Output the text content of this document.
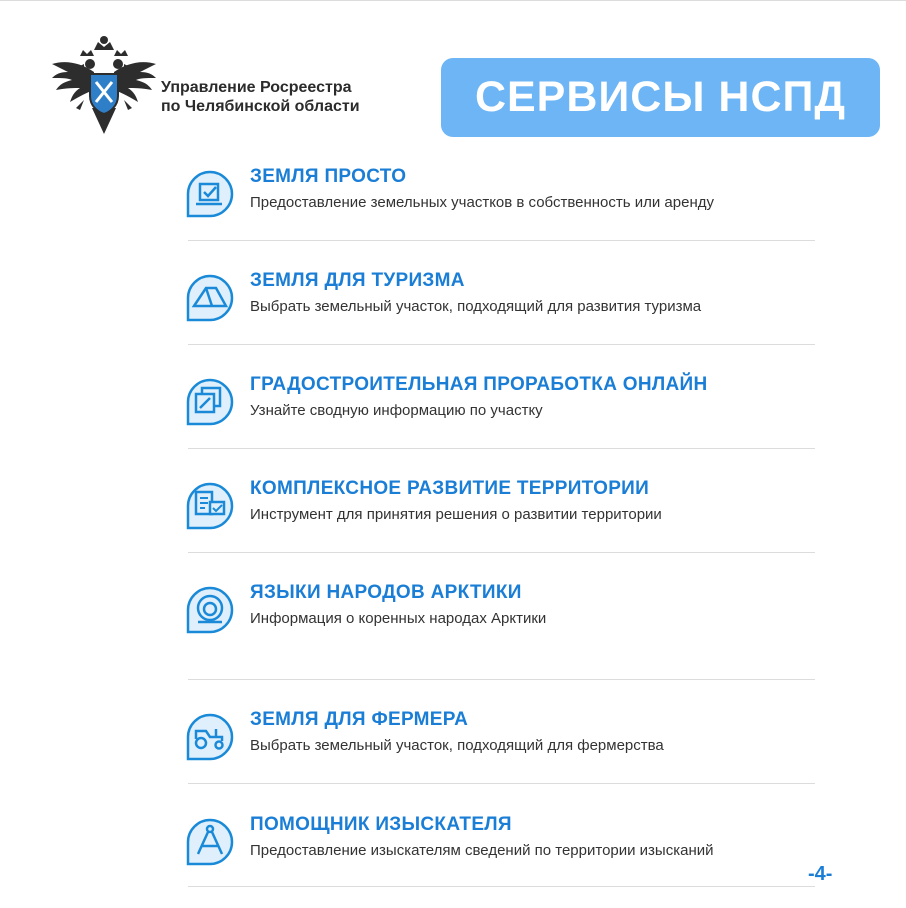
Управление Росреестра
по Челябинской области	СЕРВИСЫ НСПД
ЗЕМЛЯ ПРОСТО
Предоставление земельных участков в собственность или аренду
ЗЕМЛЯ ДЛЯ ТУРИЗМА
Выбрать земельный участок, подходящий для развития туризма
ГРАДОСТРОИТЕЛЬНАЯ ПРОРАБОТКА ОНЛАЙН
Узнайте сводную информацию по участку
КОМПЛЕКСНОЕ РАЗВИТИЕ ТЕРРИТОРИИ
Инструмент для принятия решения о развитии территории
ЯЗЫКИ НАРОДОВ АРКТИКИ
Информация о коренных народах Арктики
ЗЕМЛЯ ДЛЯ ФЕРМЕРА
Выбрать земельный участок, подходящий для фермерства
ПОМОЩНИК ИЗЫСКАТЕЛЯ
Предоставление изыскателям сведений по территории изысканий
-4-
